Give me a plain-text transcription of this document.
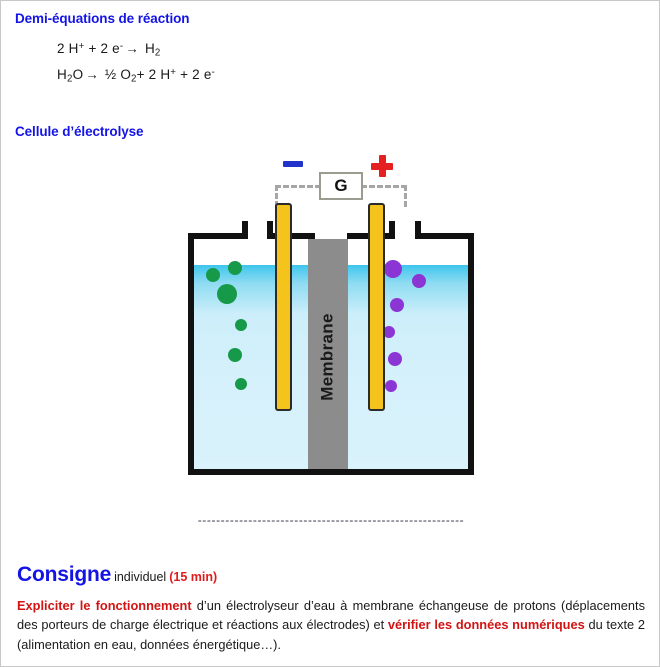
Demi-équations de réaction
2 H+ + 2 $e^- \to H_2$
$H_2O$ → ½ $O_2+ 2$ H+ + 2 e-
Cellule d’électrolyse
G
Membrane
----------------------------------------------------------
Consigne individuel (15 min)
Expliciter le fonctionnement d’un électrolyseur d’eau à membrane échangeuse de protons (déplacements des porteurs de charge électrique et réactions aux électrodes) et vérifier les données numériques du texte 2 (alimentation en eau, données énergétique…).
